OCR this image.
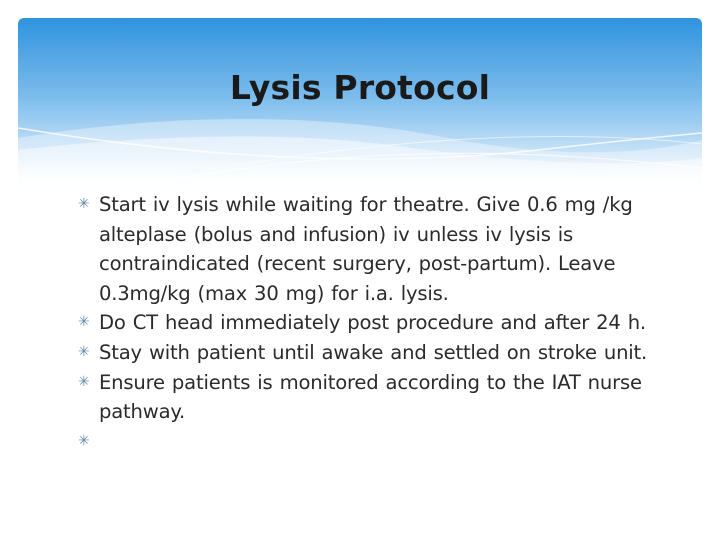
Lysis Protocol
✳ Start iv lysis while waiting for theatre. Give 0.6 mg /kg alteplase (bolus and infusion) iv unless iv lysis is contraindicated (recent surgery, post-partum). Leave 0.3mg/kg (max 30 mg) for i.a. lysis.
✳ Do CT head immediately post procedure and after 24 h.
✳ Stay with patient until awake and settled on stroke unit.
✳ Ensure patients is monitored according to the IAT nurse pathway.
✳
